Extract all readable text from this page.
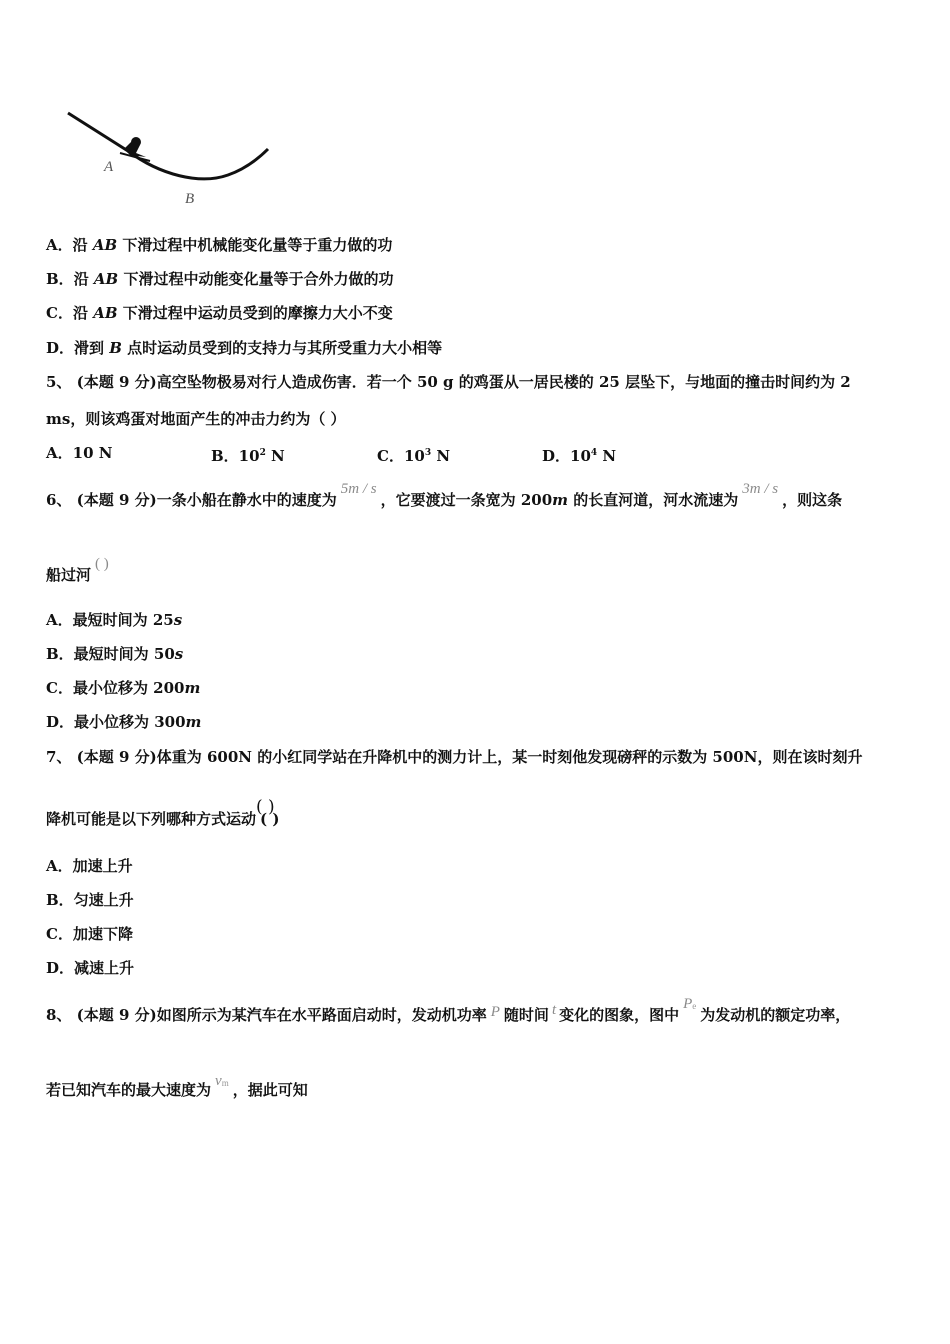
A
B
A．沿 AB 下滑过程中机械能变化量等于重力做的功
B．沿 AB 下滑过程中动能变化量等于合外力做的功
C．沿 AB 下滑过程中运动员受到的摩擦力大小不变
D．滑到 B 点时运动员受到的支持力与其所受重力大小相等
5、 (本题 9 分)高空坠物极易对行人造成伤害．若一个 50 g 的鸡蛋从一居民楼的 25 层坠下，与地面的撞击时间约为 2
ms，则该鸡蛋对地面产生的冲击力约为（ ）
A．10 N	B．$10^2$ N	C．$10^3$ N	D．$10^4$ N
6、 (本题 9 分)一条小船在静水中的速度为5m / s，它要渡过一条宽为 200m 的长直河道，河水流速为3m / s，则这条
船过河( )
A．最短时间为 25s
B．最短时间为 50s
C．最小位移为 200m
D．最小位移为 300m
7、 (本题 9 分)体重为 600N 的小红同学站在升降机中的测力计上，某一时刻他发现磅秤的示数为 500N，则在该时刻升
降机可能是以下列哪种方式运动
( )
( )
A．加速上升
B．匀速上升
C．加速下降
D．减速上升
8、 (本题 9 分)如图所示为某汽车在水平路面启动时，发动机功率 P 随时间 t 变化的图象，图中Pe 为发动机的额定功率，
若已知汽车的最大速度为 vm ，据此可知
